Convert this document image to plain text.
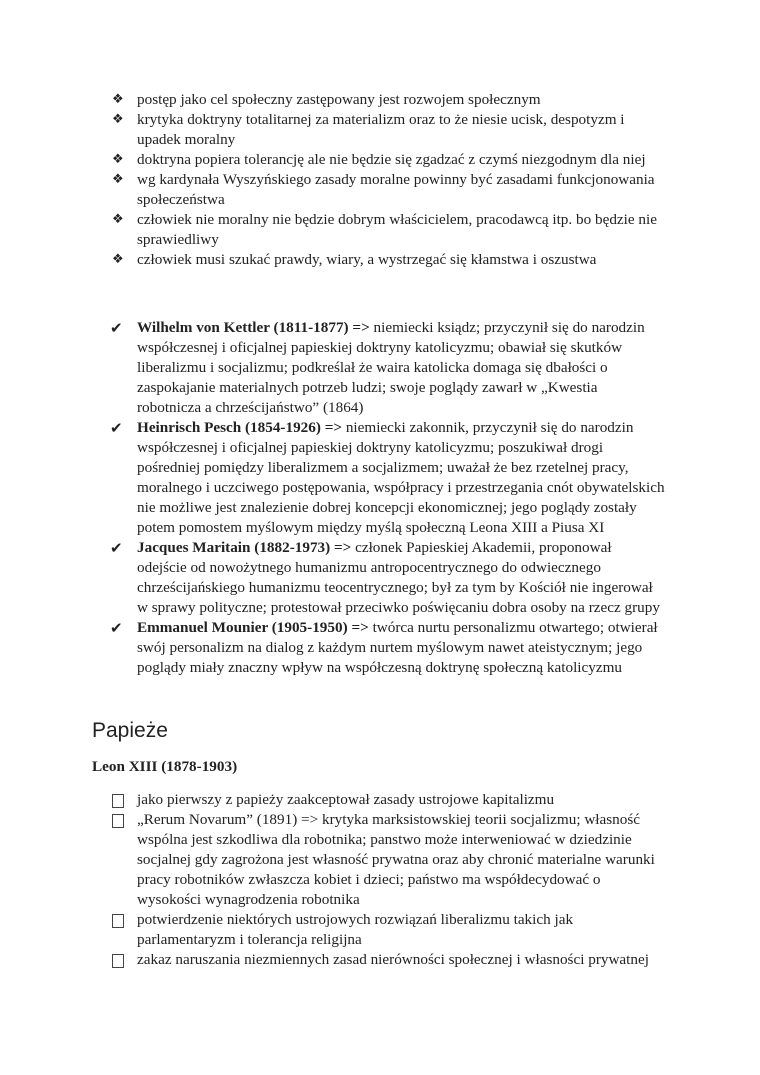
❖ postęp jako cel społeczny zastępowany jest rozwojem społecznym
❖ krytyka doktryny totalitarnej za materializm oraz to że niesie ucisk, despotyzm i upadek moralny
❖ doktryna popiera tolerancję ale nie będzie się zgadzać z czymś niezgodnym dla niej
❖ wg kardynała Wyszyńskiego zasady moralne powinny być zasadami funkcjonowania społeczeństwa
❖ człowiek nie moralny nie będzie dobrym właścicielem, pracodawcą itp. bo będzie nie sprawiedliwy
❖ człowiek musi szukać prawdy, wiary, a wystrzegać się kłamstwa i oszustwa
✔ Wilhelm von Kettler (1811-1877) => niemiecki ksiądz; przyczynił się do narodzin współczesnej i oficjalnej papieskiej doktryny katolicyzmu; obawiał się skutków liberalizmu i socjalizmu; podkreślał że waira katolicka domaga się dbałości o zaspokajanie materialnych potrzeb ludzi; swoje poglądy zawarł w „Kwestia robotnicza a chrześcijaństwo” (1864)
✔ Heinrisch Pesch (1854-1926) => niemiecki zakonnik, przyczynił się do narodzin współczesnej i oficjalnej papieskiej doktryny katolicyzmu; poszukiwał drogi pośredniej pomiędzy liberalizmem a socjalizmem; uważał że bez rzetelnej pracy, moralnego i uczciwego postępowania, współpracy i przestrzegania cnót obywatelskich nie możliwe jest znalezienie dobrej koncepcji ekonomicznej; jego poglądy zostały potem pomostem myślowym między myślą społeczną Leona XIII a Piusa XI
✔ Jacques Maritain (1882-1973) => członek Papieskiej Akademii, proponował odejście od nowożytnego humanizmu antropocentrycznego do odwiecznego chrześcijańskiego humanizmu teocentrycznego; był za tym by Kościół nie ingerował w sprawy polityczne; protestował przeciwko poświęcaniu dobra osoby na rzecz grupy
✔ Emmanuel Mounier (1905-1950) => twórca nurtu personalizmu otwartego; otwierał swój personalizm na dialog z każdym nurtem myślowym nawet ateistycznym; jego poglądy miały znaczny wpływ na współczesną doktrynę społeczną katolicyzmu
Papieże
Leon XIII (1878-1903)
jako pierwszy z papieży zaakceptował zasady ustrojowe kapitalizmu
„Rerum Novarum” (1891) => krytyka marksistowskiej teorii socjalizmu; własność wspólna jest szkodliwa dla robotnika; panstwo może interweniować w dziedzinie socjalnej gdy zagrożona jest własność prywatna oraz aby chronić materialne warunki pracy robotników zwłaszcza kobiet i dzieci; państwo ma współdecydować o wysokości wynagrodzenia robotnika
potwierdzenie niektórych ustrojowych rozwiązań liberalizmu takich jak parlamentaryzm i tolerancja religijna
zakaz naruszania niezmiennych zasad nierówności społecznej i własności prywatnej
